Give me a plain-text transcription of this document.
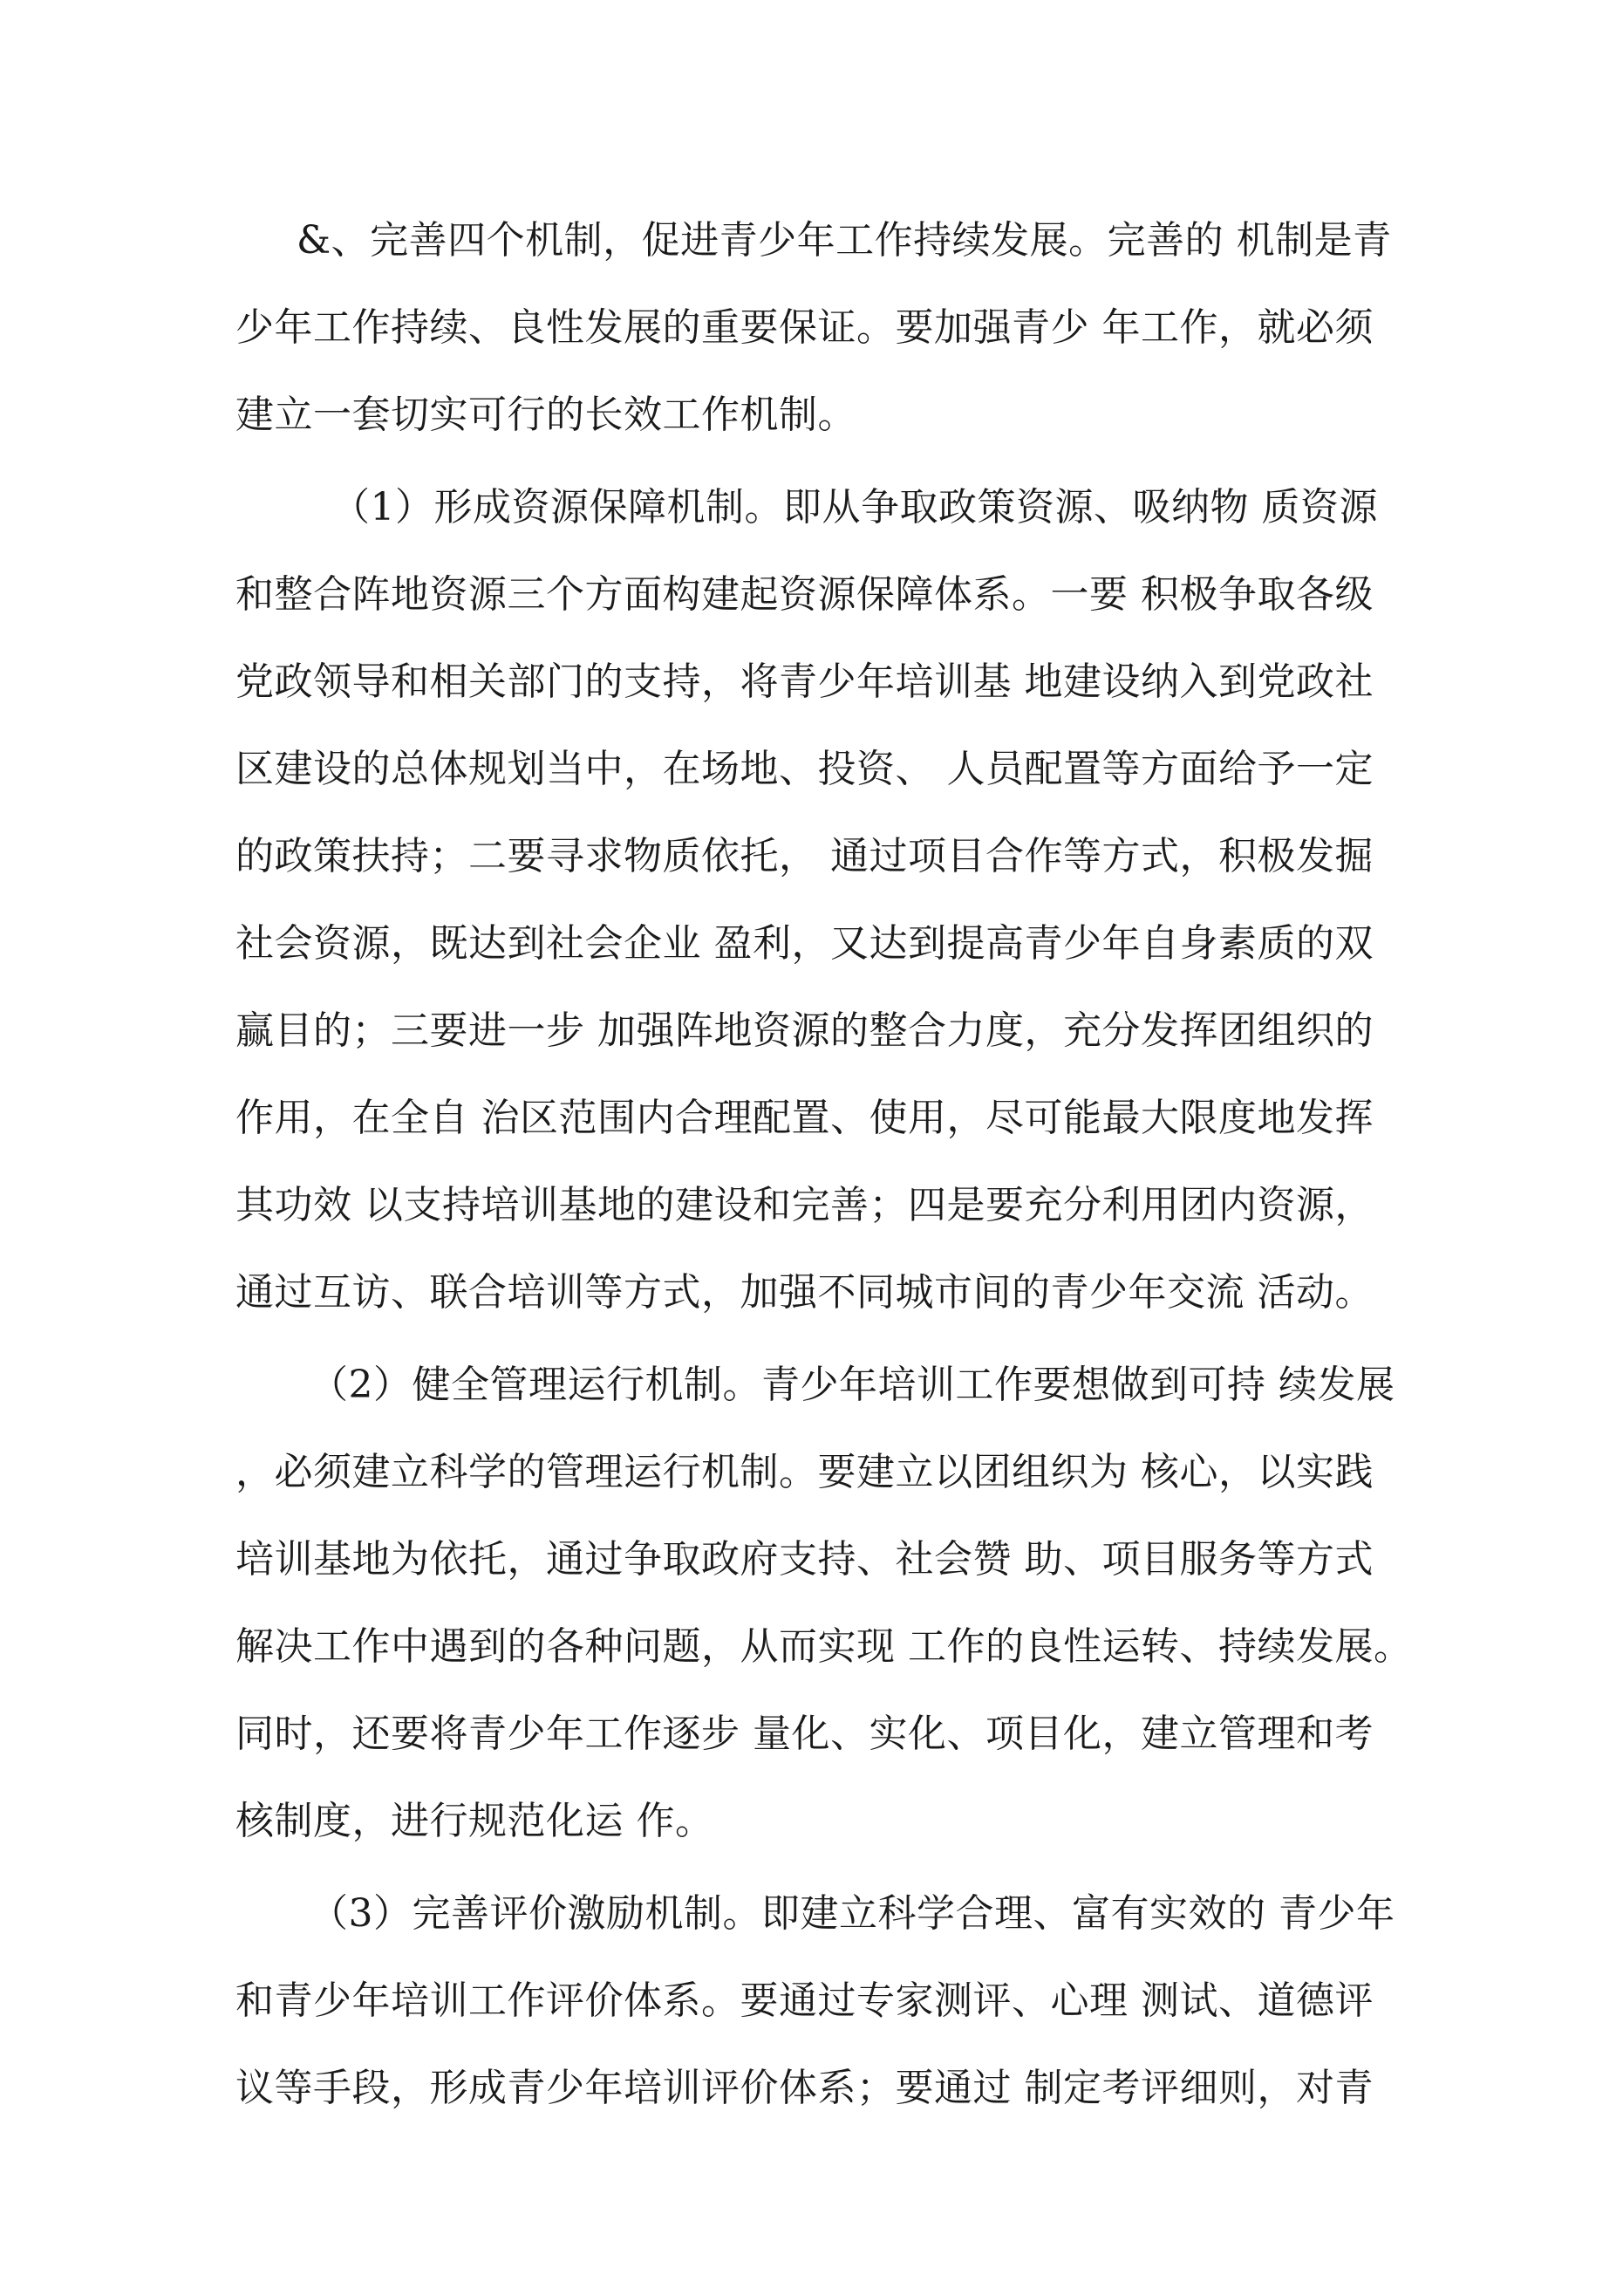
&、完善四个机制，促进青少年工作持续发展。完善的 机制是青
少年工作持续、良性发展的重要保证。要加强青少 年工作，就必须
建立一套切实可行的长效工作机制。
（1）形成资源保障机制。即从争取政策资源、吸纳物 质资源
和整合阵地资源三个方面构建起资源保障体系。一要 积极争取各级
党政领导和相关部门的支持，将青少年培训基 地建设纳入到党政社
区建设的总体规划当中，在场地、投资、 人员配置等方面给予一定
的政策扶持；二要寻求物质依托， 通过项目合作等方式，积极发掘
社会资源，既达到社会企业 盈利，又达到提高青少年自身素质的双
赢目的；三要进一步 加强阵地资源的整合力度，充分发挥团组织的
作用，在全自 治区范围内合理配置、使用，尽可能最大限度地发挥
其功效 以支持培训基地的建设和完善；四是要充分利用团内资源，
通过互访、联合培训等方式，加强不同城市间的青少年交流 活动。
（2）健全管理运行机制。青少年培训工作要想做到可持 续发展
，必须建立科学的管理运行机制。要建立以团组织为 核心，以实践
培训基地为依托，通过争取政府支持、社会赞 助、项目服务等方式
解决工作中遇到的各种问题，从而实现 工作的良性运转、持续发展。
同时，还要将青少年工作逐步 量化、实化、项目化，建立管理和考
核制度，进行规范化运 作。
（3）完善评价激励机制。即建立科学合理、富有实效的 青少年
和青少年培训工作评价体系。要通过专家测评、心理 测试、道德评
议等手段，形成青少年培训评价体系；要通过 制定考评细则，对青
